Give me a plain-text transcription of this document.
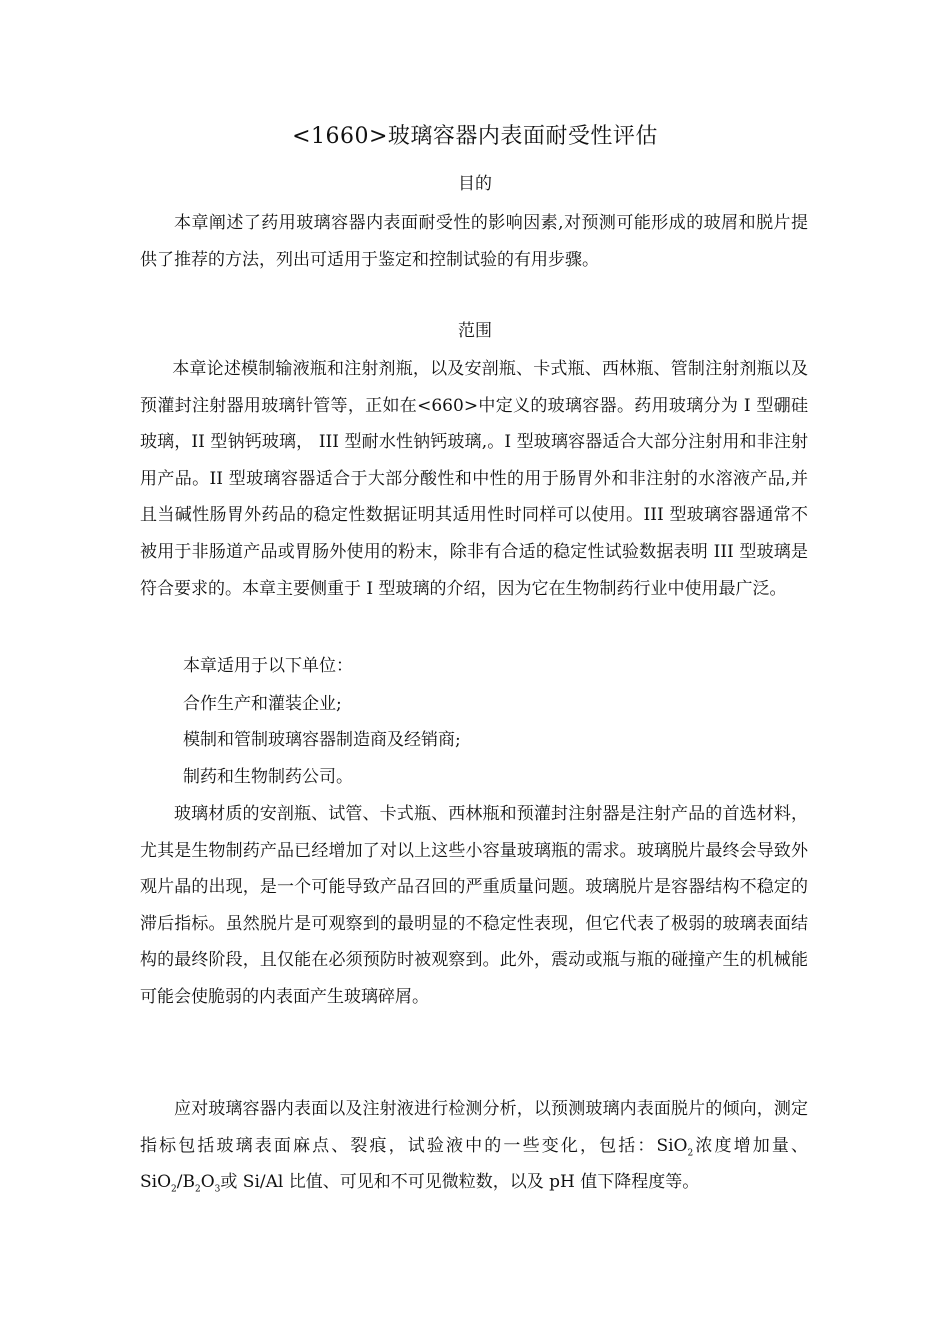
<1660>玻璃容器内表面耐受性评估
目的

本章阐述了药用玻璃容器内表面耐受性的影响因素,对预测可能形成的玻屑和脱片提供了推荐的方法，列出可适用于鉴定和控制试验的有用步骤。

范围

本章论述模制输液瓶和注射剂瓶，以及安剖瓶、卡式瓶、西林瓶、管制注射剂瓶以及预灌封注射器用玻璃针管等，正如在<660>中定义的玻璃容器。药用玻璃分为 I 型硼硅玻璃，II 型钠钙玻璃， III 型耐水性钠钙玻璃,。I 型玻璃容器适合大部分注射用和非注射用产品。II 型玻璃容器适合于大部分酸性和中性的用于肠胃外和非注射的水溶液产品,并且当碱性肠胃外药品的稳定性数据证明其适用性时同样可以使用。III 型玻璃容器通常不被用于非肠道产品或胃肠外使用的粉末，除非有合适的稳定性试验数据表明 III 型玻璃是符合要求的。本章主要侧重于 I 型玻璃的介绍，因为它在生物制药行业中使用最广泛。

本章适用于以下单位：

合作生产和灌装企业;

模制和管制玻璃容器制造商及经销商;

制药和生物制药公司。

玻璃材质的安剖瓶、试管、卡式瓶、西林瓶和预灌封注射器是注射产品的首选材料，尤其是生物制药产品已经增加了对以上这些小容量玻璃瓶的需求。玻璃脱片最终会导致外观片晶的出现，是一个可能导致产品召回的严重质量问题。玻璃脱片是容器结构不稳定的滞后指标。虽然脱片是可观察到的最明显的不稳定性表现，但它代表了极弱的玻璃表面结构的最终阶段，且仅能在必须预防时被观察到。此外，震动或瓶与瓶的碰撞产生的机械能可能会使脆弱的内表面产生玻璃碎屑。

应对玻璃容器内表面以及注射液进行检测分析，以预测玻璃内表面脱片的倾向，测定指标包括玻璃表面麻点、裂痕，试验液中的一些变化，包括：SiO$_2$浓度增加量、$SiO_2/B_2O_3$或 Si/Al 比值、可见和不可见微粒数，以及 pH 值下降程度等。
